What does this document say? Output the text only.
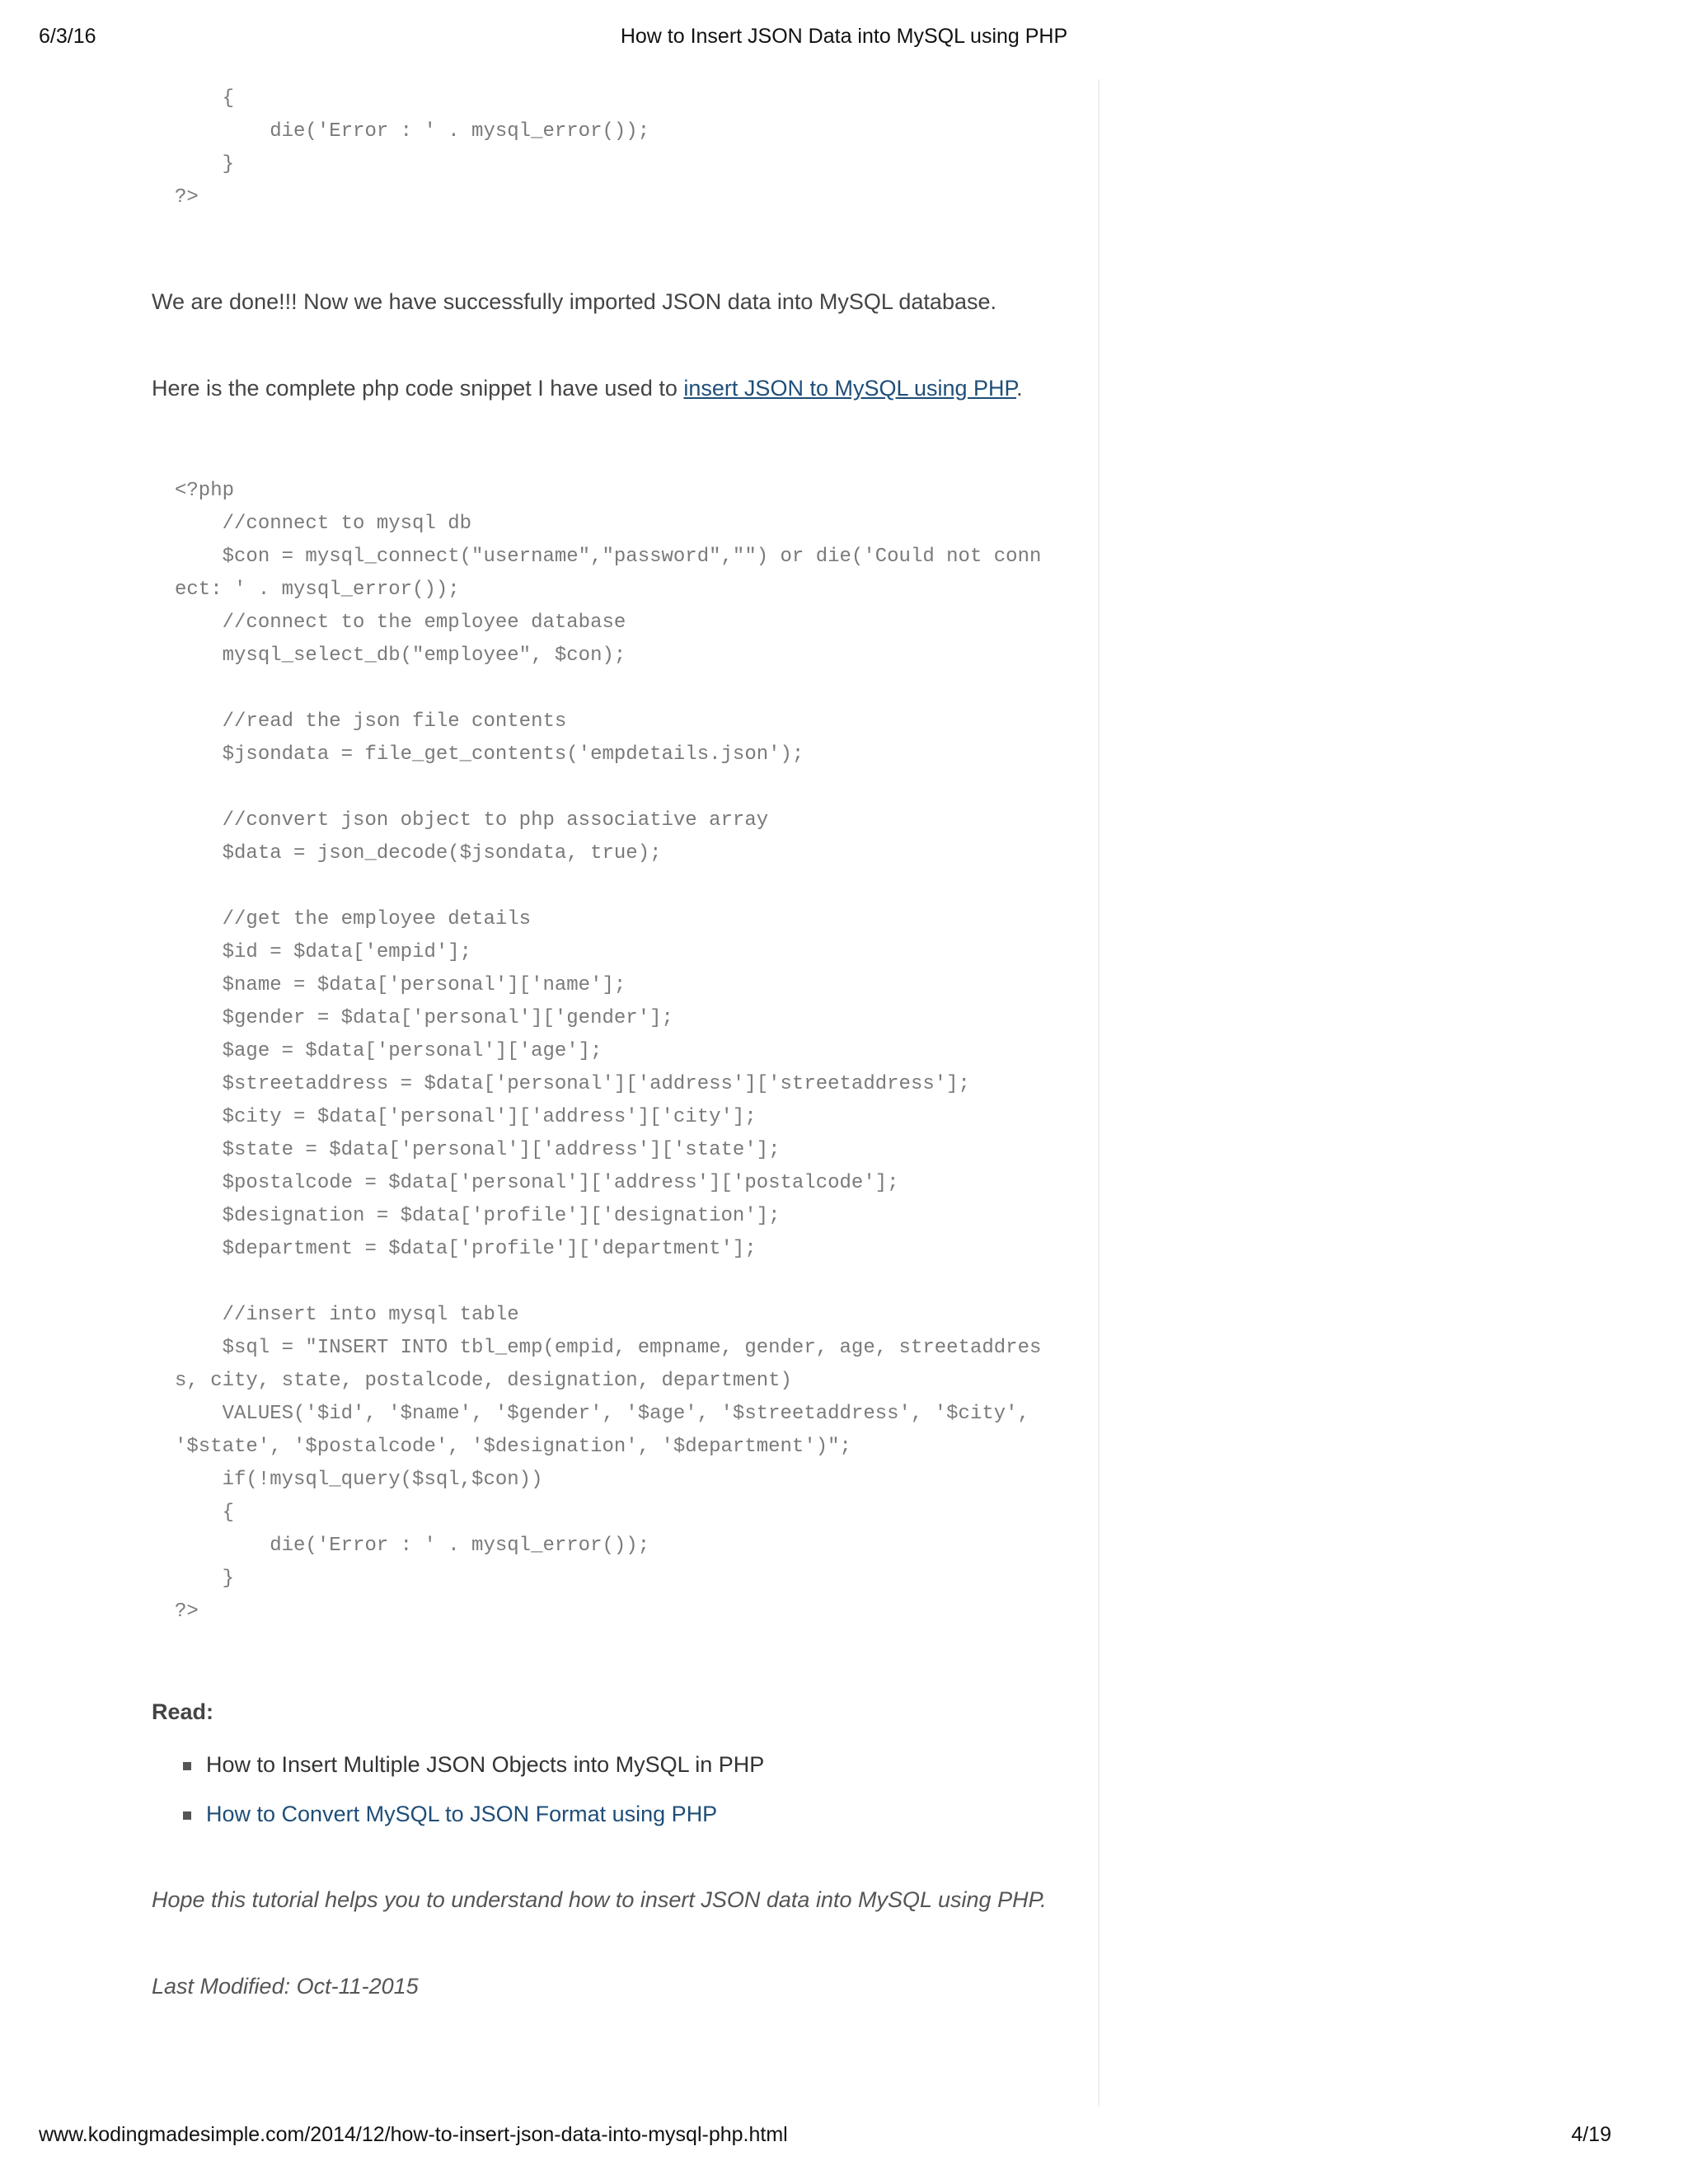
6/3/16	How to Insert JSON Data into MySQL using PHP
{
die('Error : ' . mysql_error());
}
?>

We are done!!! Now we have successfully imported JSON data into MySQL database.

Here is the complete php code snippet I have used to insert JSON to MySQL using PHP.

<?php
//connect to mysql db
$con = mysql_connect("username","password","") or die('Could not conn
ect: ' . mysql_error());
//connect to the employee database
mysql_select_db("employee", $con);

//read the json file contents
$jsondata = file_get_contents('empdetails.json');

//convert json object to php associative array
$data = json_decode($jsondata, true);

//get the employee details
$id = $data['empid'];
$name = $data['personal']['name'];
$gender = $data['personal']['gender'];
$age = $data['personal']['age'];
$streetaddress = $data['personal']['address']['streetaddress'];
$city = $data['personal']['address']['city'];
$state = $data['personal']['address']['state'];
$postalcode = $data['personal']['address']['postalcode'];
$designation = $data['profile']['designation'];
$department = $data['profile']['department'];

//insert into mysql table
$sql = "INSERT INTO tbl_emp(empid, empname, gender, age, streetaddres
s, city, state, postalcode, designation, department)
VALUES('$id', '$name', '$gender', '$age', '$streetaddress', '$city',
'$state', '$postalcode', '$designation', '$department')";
if(!mysql_query($sql,$con))
{
die('Error : ' . mysql_error());
}
?>

Read:

How to Insert Multiple JSON Objects into MySQL in PHP
How to Convert MySQL to JSON Format using PHP

Hope this tutorial helps you to understand how to insert JSON data into MySQL using PHP.

Last Modified: Oct-11-2015

www.kodingmadesimple.com/2014/12/how-to-insert-json-data-into-mysql-php.html	4/19
